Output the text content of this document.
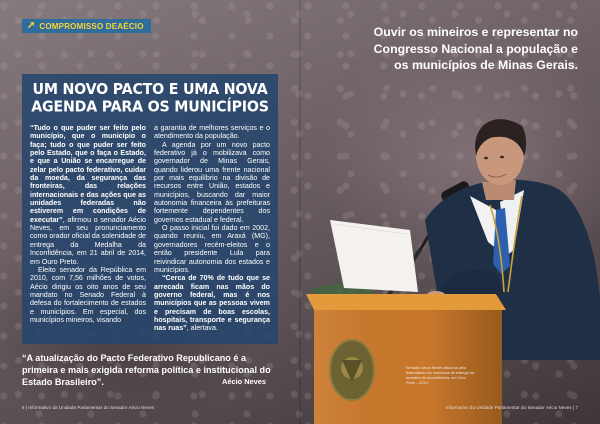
➚ COMPROMISSO DEAÉCIO	Ouvir os mineiros e representar no Congresso Nacional a população e os municípios de Minas Gerais.
UM NOVO PACTO E UMA NOVA AGENDA PARA OS MUNICÍPIOS

“Tudo o que puder ser feito pelo município, que o município o faça; tudo o que puder ser feito pelo Estado, que o faça o Estado, e que a União se encarregue de zelar pelo pacto federativo, cuidar da moeda, da segurança das fronteiras, das relações internacionais e das ações que as unidades federadas não estiverem em condições de executar”, afirmou o senador Aécio Neves, em seu pronunciamento como orador oficial da solenidade de entrega da Medalha da Inconfidência, em 21 abril de 2014, em Ouro Preto.

Eleito senador da República em 2010, com 7,56 milhões de votos, Aécio dirigiu os oito anos de seu mandato no Senado Federal à defesa do fortalecimento de estados e municípios. Em especial, dos municípios mineiros, visando

a garantia de melhores serviços e o atendimento da população.

A agenda por um novo pacto federativo já o mobilizava como governador de Minas Gerais, quando liderou uma frente nacional por mais equilíbrio na divisão de recursos entre União, estados e municípios, buscando dar maior autonomia financeira às prefeituras fortemente dependentes dos governos estadual e federal.

O passo inicial foi dado em 2002, quando reuniu, em Araxá (MG), governadores recém-eleitos e o então presidente Lula para reivindicar autonomia dos estados e municípios.

“Cerca de 70% de tudo que se arrecada ficam nas mãos do governo federal, mas é nos municípios que as pessoas vivem e precisam de boas escolas, hospitais, transporte e segurança nas ruas”, alertava.

“A atualização do Pacto Federativo Republicano é a primeira e mais exigida reforma política e institucional do Estado Brasileiro”.	Aécio Neves
Senador Aécio Neves discursa pelo federalismo em cerimônia de entrega da medalha da Inconfidência, em Ouro Preto – 2014.
6 | Informativo da Unidade Parlamentar do Senador Aécio Neves	Informativo da Unidade Parlamentar do Senador Aécio Neves | 7
